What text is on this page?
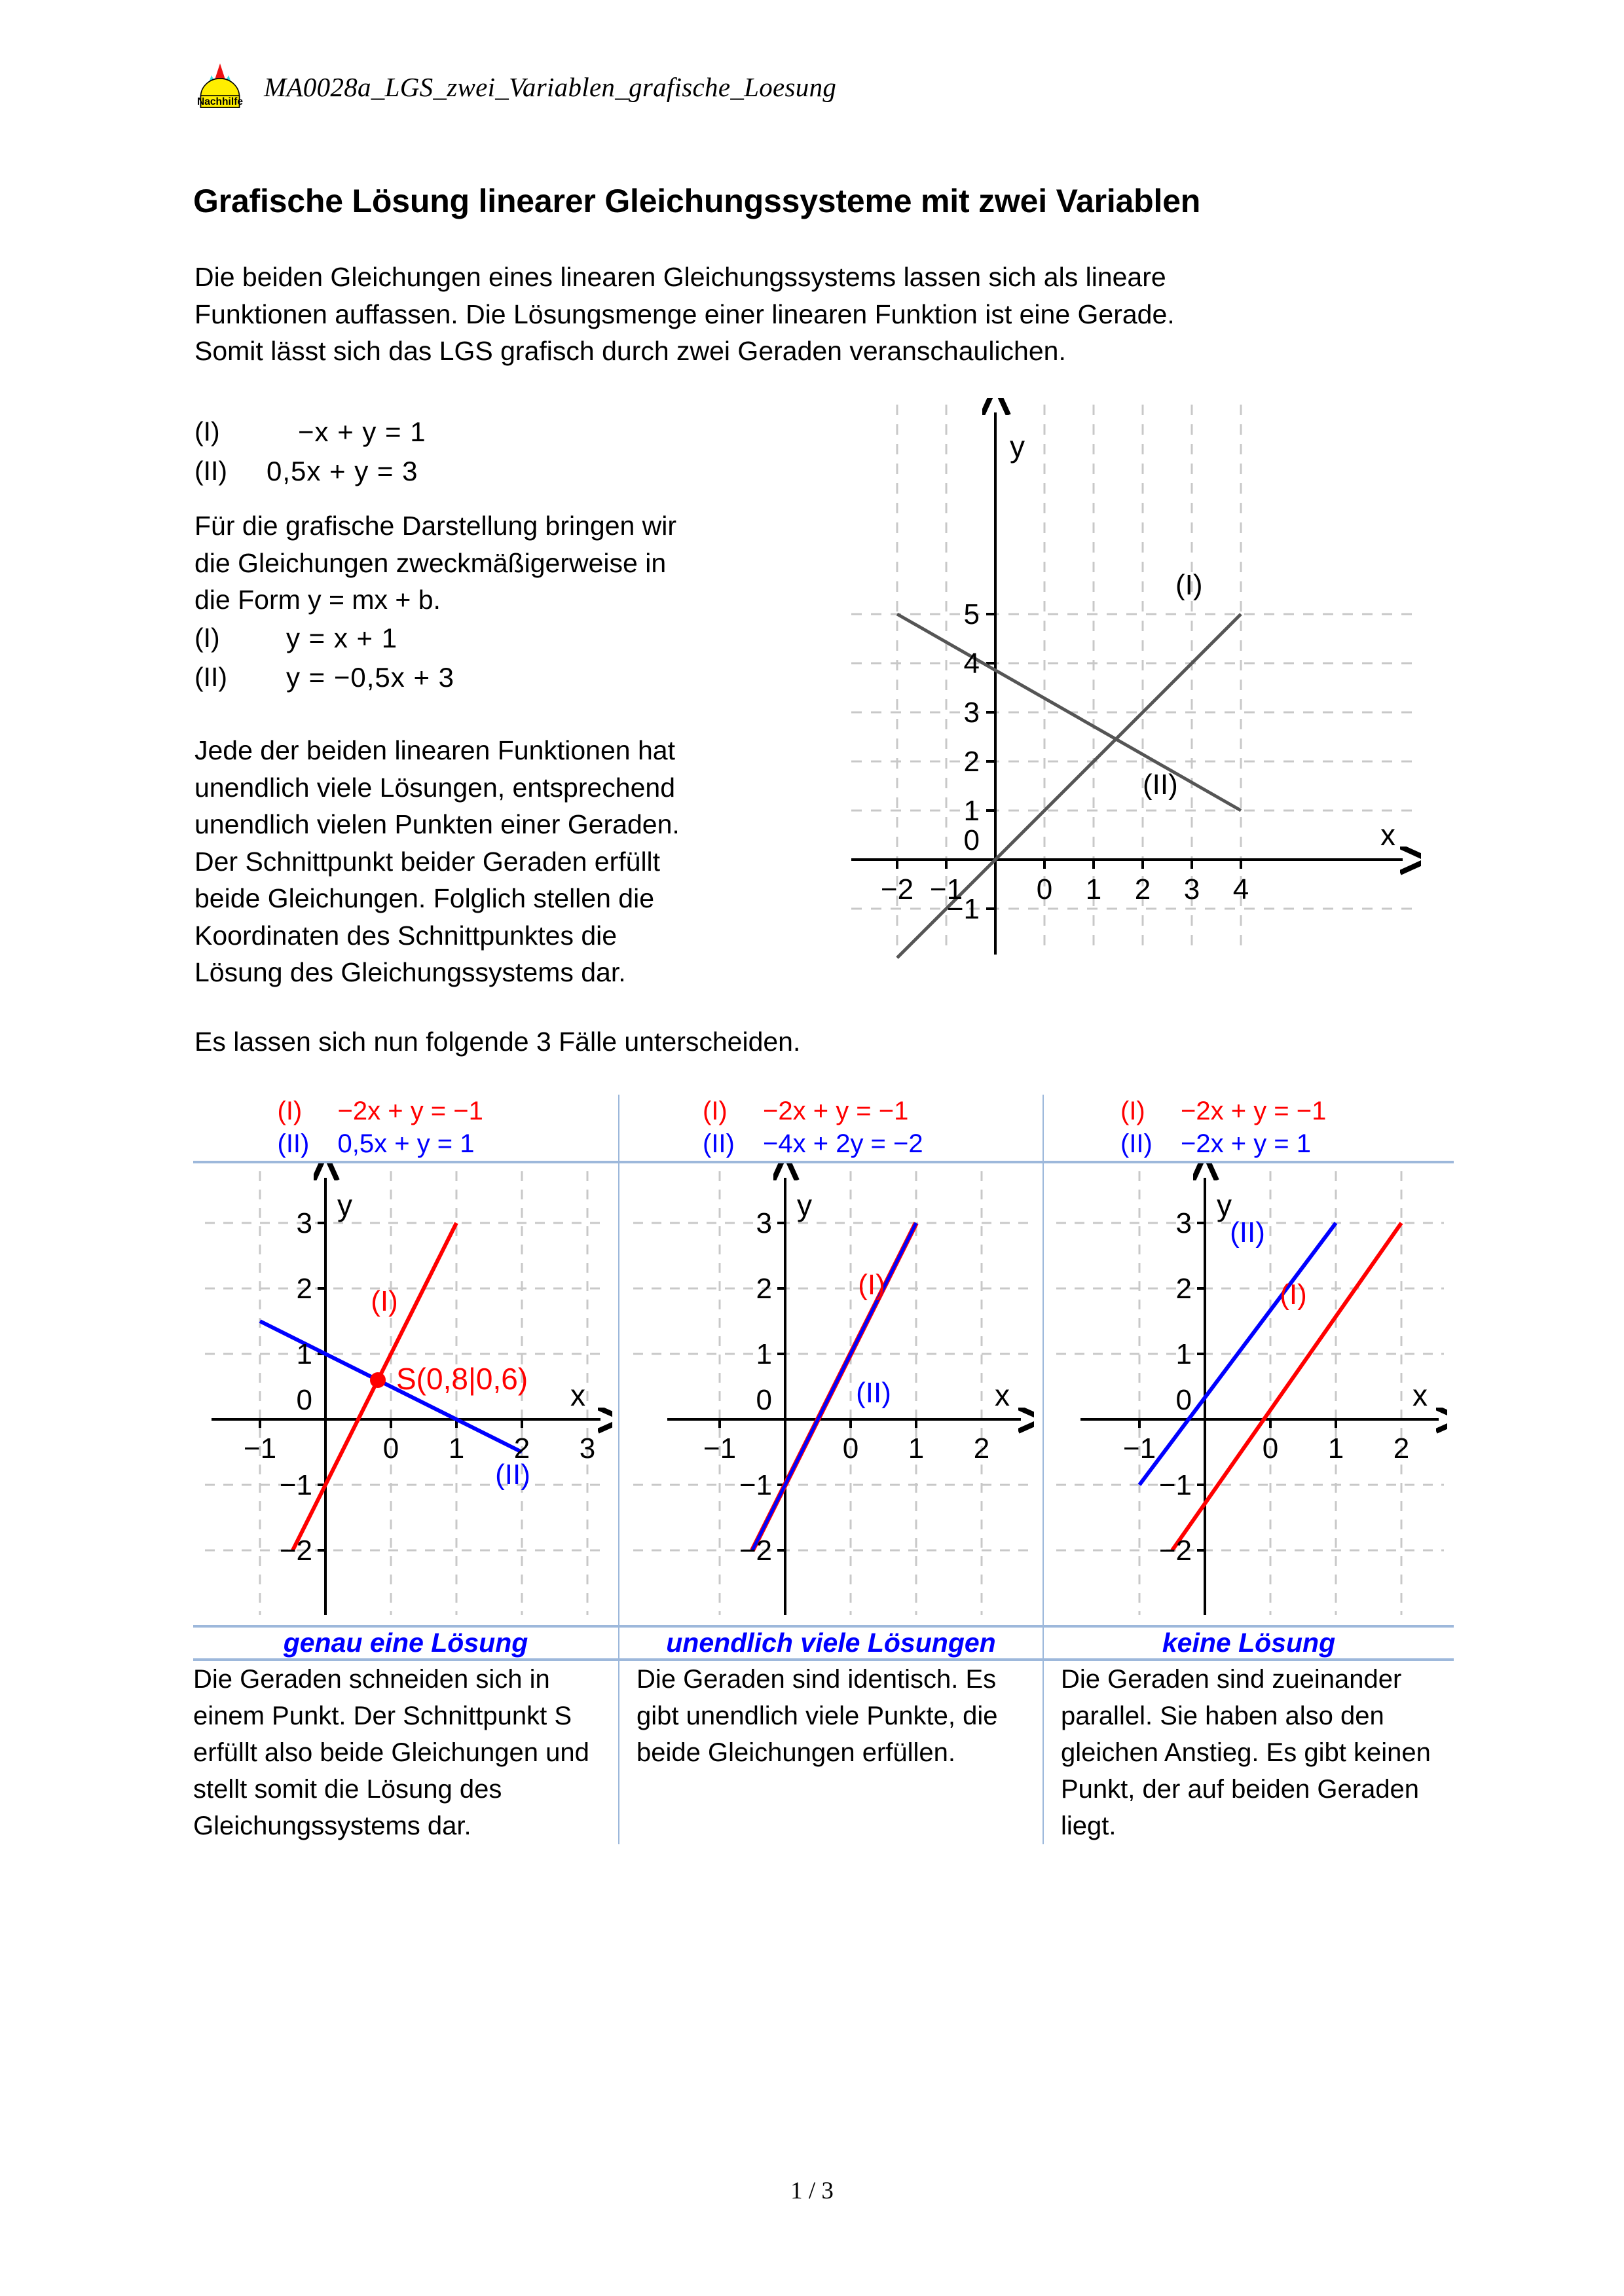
Nachhilfe MA0028a_LGS_zwei_Variablen_grafische_Loesung
Grafische Lösung linearer Gleichungssysteme mit zwei Variablen
Die beiden Gleichungen eines linearen Gleichungssystems lassen sich als lineare
Funktionen auffassen. Die Lösungsmenge einer linearen Funktion ist eine Gerade.
Somit lässt sich das LGS grafisch durch zwei Geraden veranschaulichen.
(I)	−x + y = 1
(II)	0,5x + y = 3
Für die grafische Darstellung bringen wir
die Gleichungen zweckmäßigerweise in
die Form y = mx + b.
(I)	y = x + 1
(II)	y = −0,5x + 3
Jede der beiden linearen Funktionen hat
unendlich viele Lösungen, entsprechend
unendlich vielen Punkten einer Geraden.
Der Schnittpunkt beider Geraden erfüllt
beide Gleichungen. Folglich stellen die
Koordinaten des Schnittpunktes die
Lösung des Gleichungssystems dar.
−2 −1	0 1 2 3 4
−1
0
1
2
3
4
5
y
x
(I)
(II)
Es lassen sich nun folgende 3 Fälle unterscheiden.
(I)	−2x + y = −1
(II)	0,5x + y = 1

(I)	−2x + y = −1
(II)	−4x + 2y = −2

(I)	−2x + y = −1
(II)	−2x + y = 1

−1	0 1 2 3
−2
−1
0
1
2
3
y
x
(I)
S(0,8|0,6)
(II)

−1	0 1 2
−2
−1
0
1
2
3
y
x
(I)
(II)

−1	0 1 2
−2
−1
0
1
2
3
y
x
(II)
(I)

genau eine Lösung	unendlich viele Lösungen	keine Lösung
Die Geraden schneiden sich in einem Punkt. Der Schnittpunkt S erfüllt also beide Gleichungen und stellt somit die Lösung des Gleichungssystems dar.	Die Geraden sind identisch. Es gibt unendlich viele Punkte, die beide Gleichungen erfüllen.	Die Geraden sind zueinander parallel. Sie haben also den gleichen Anstieg. Es gibt keinen Punkt, der auf beiden Geraden liegt.
1 / 3
